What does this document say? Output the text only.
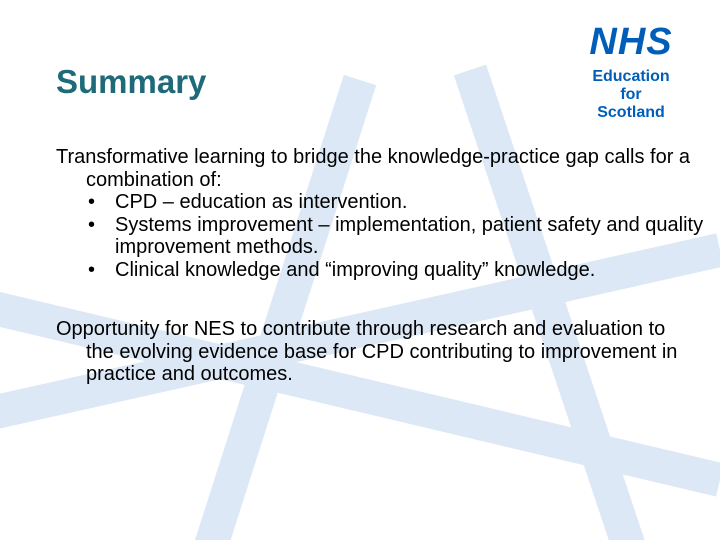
Summary
NHS
Education
for
Scotland

Transformative learning to bridge the knowledge-practice gap calls for a combination of:

• CPD – education as intervention.
• Systems improvement – implementation, patient safety and quality improvement methods.
• Clinical knowledge and “improving quality” knowledge.

Opportunity for NES to contribute through research and evaluation to the evolving evidence base for CPD contributing to improvement in practice and outcomes.
